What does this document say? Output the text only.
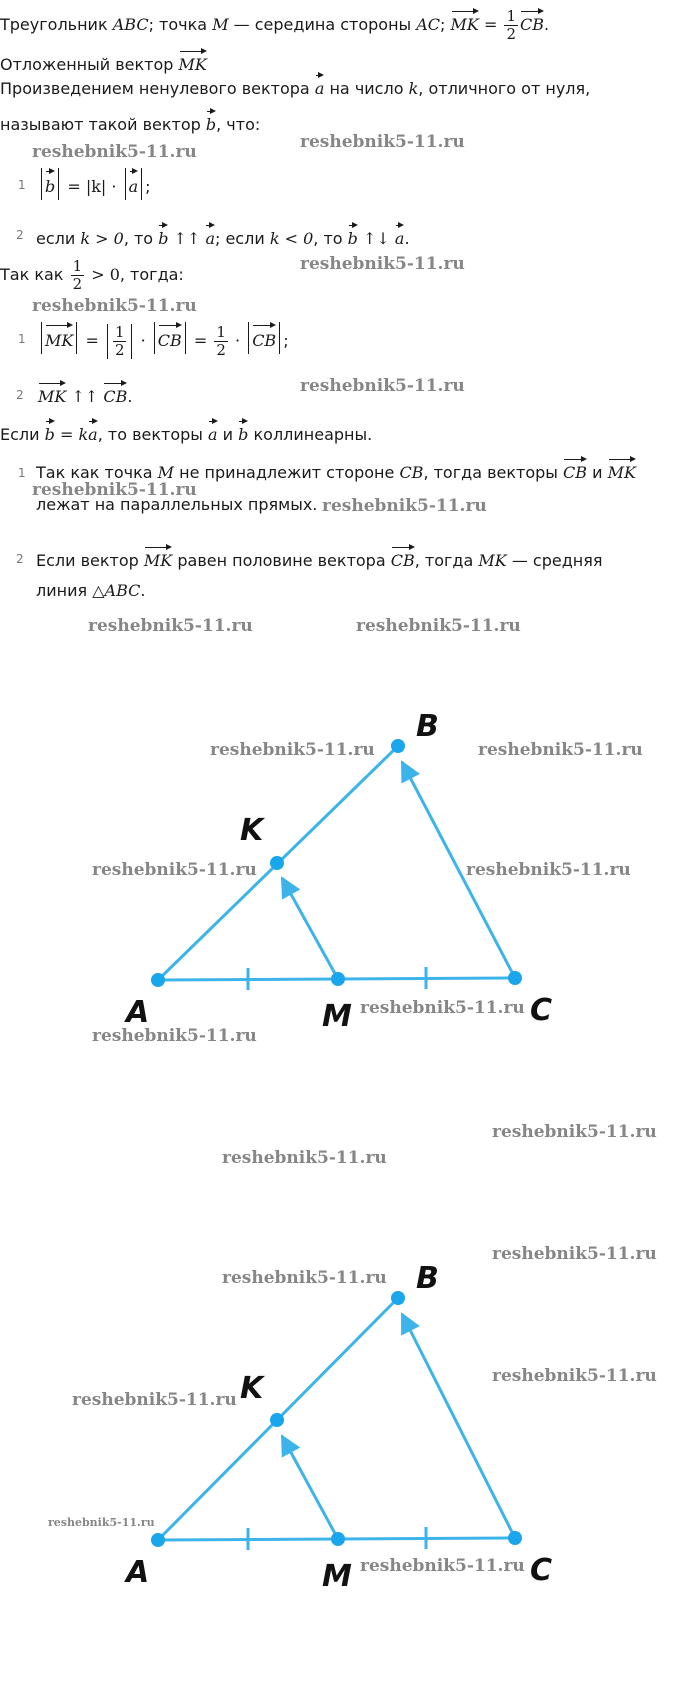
Треугольник ABC; точка M — середина стороны AC; MK = $\frac{1}{2}$ CB.
Отложенный вектор MK
Произведением ненулевого вектора a на число k, отличного от нуля,
называют такой вектор b, что:
1	b = |k| · a ;
2 если k > 0, то b ↑↑ a; если k < 0, то b ↑↓ a.
Так как $\frac{1}{2} > 0$, тогда:
1	MK = $\frac{1}{2}$ · CB = $\frac{1}{2}$ · CB ;
2 MK ↑↑ CB.
Если b = ka, то векторы a и b коллинеарны.
1 Так как точка M не принадлежит стороне CB, тогда векторы CB и MK
лежат на параллельных прямых.
2 Если вектор MK равен половине вектора CB, тогда MK — средняя
линия △ABC.
A
B
C
K
M
A
B
C
K
M
reshebnik5-11.ru	reshebnik5-11.ru
reshebnik5-11.ru
reshebnik5-11.ru
reshebnik5-11.ru
reshebnik5-11.ru
reshebnik5-11.ru
reshebnik5-11.ru	reshebnik5-11.ru
reshebnik5-11.ru	reshebnik5-11.ru
reshebnik5-11.ru	reshebnik5-11.ru
reshebnik5-11.ru
reshebnik5-11.ru
reshebnik5-11.ru
reshebnik5-11.ru
reshebnik5-11.ru
reshebnik5-11.ru
reshebnik5-11.ru
reshebnik5-11.ru
reshebnik5-11.ru
reshebnik5-11.ru
